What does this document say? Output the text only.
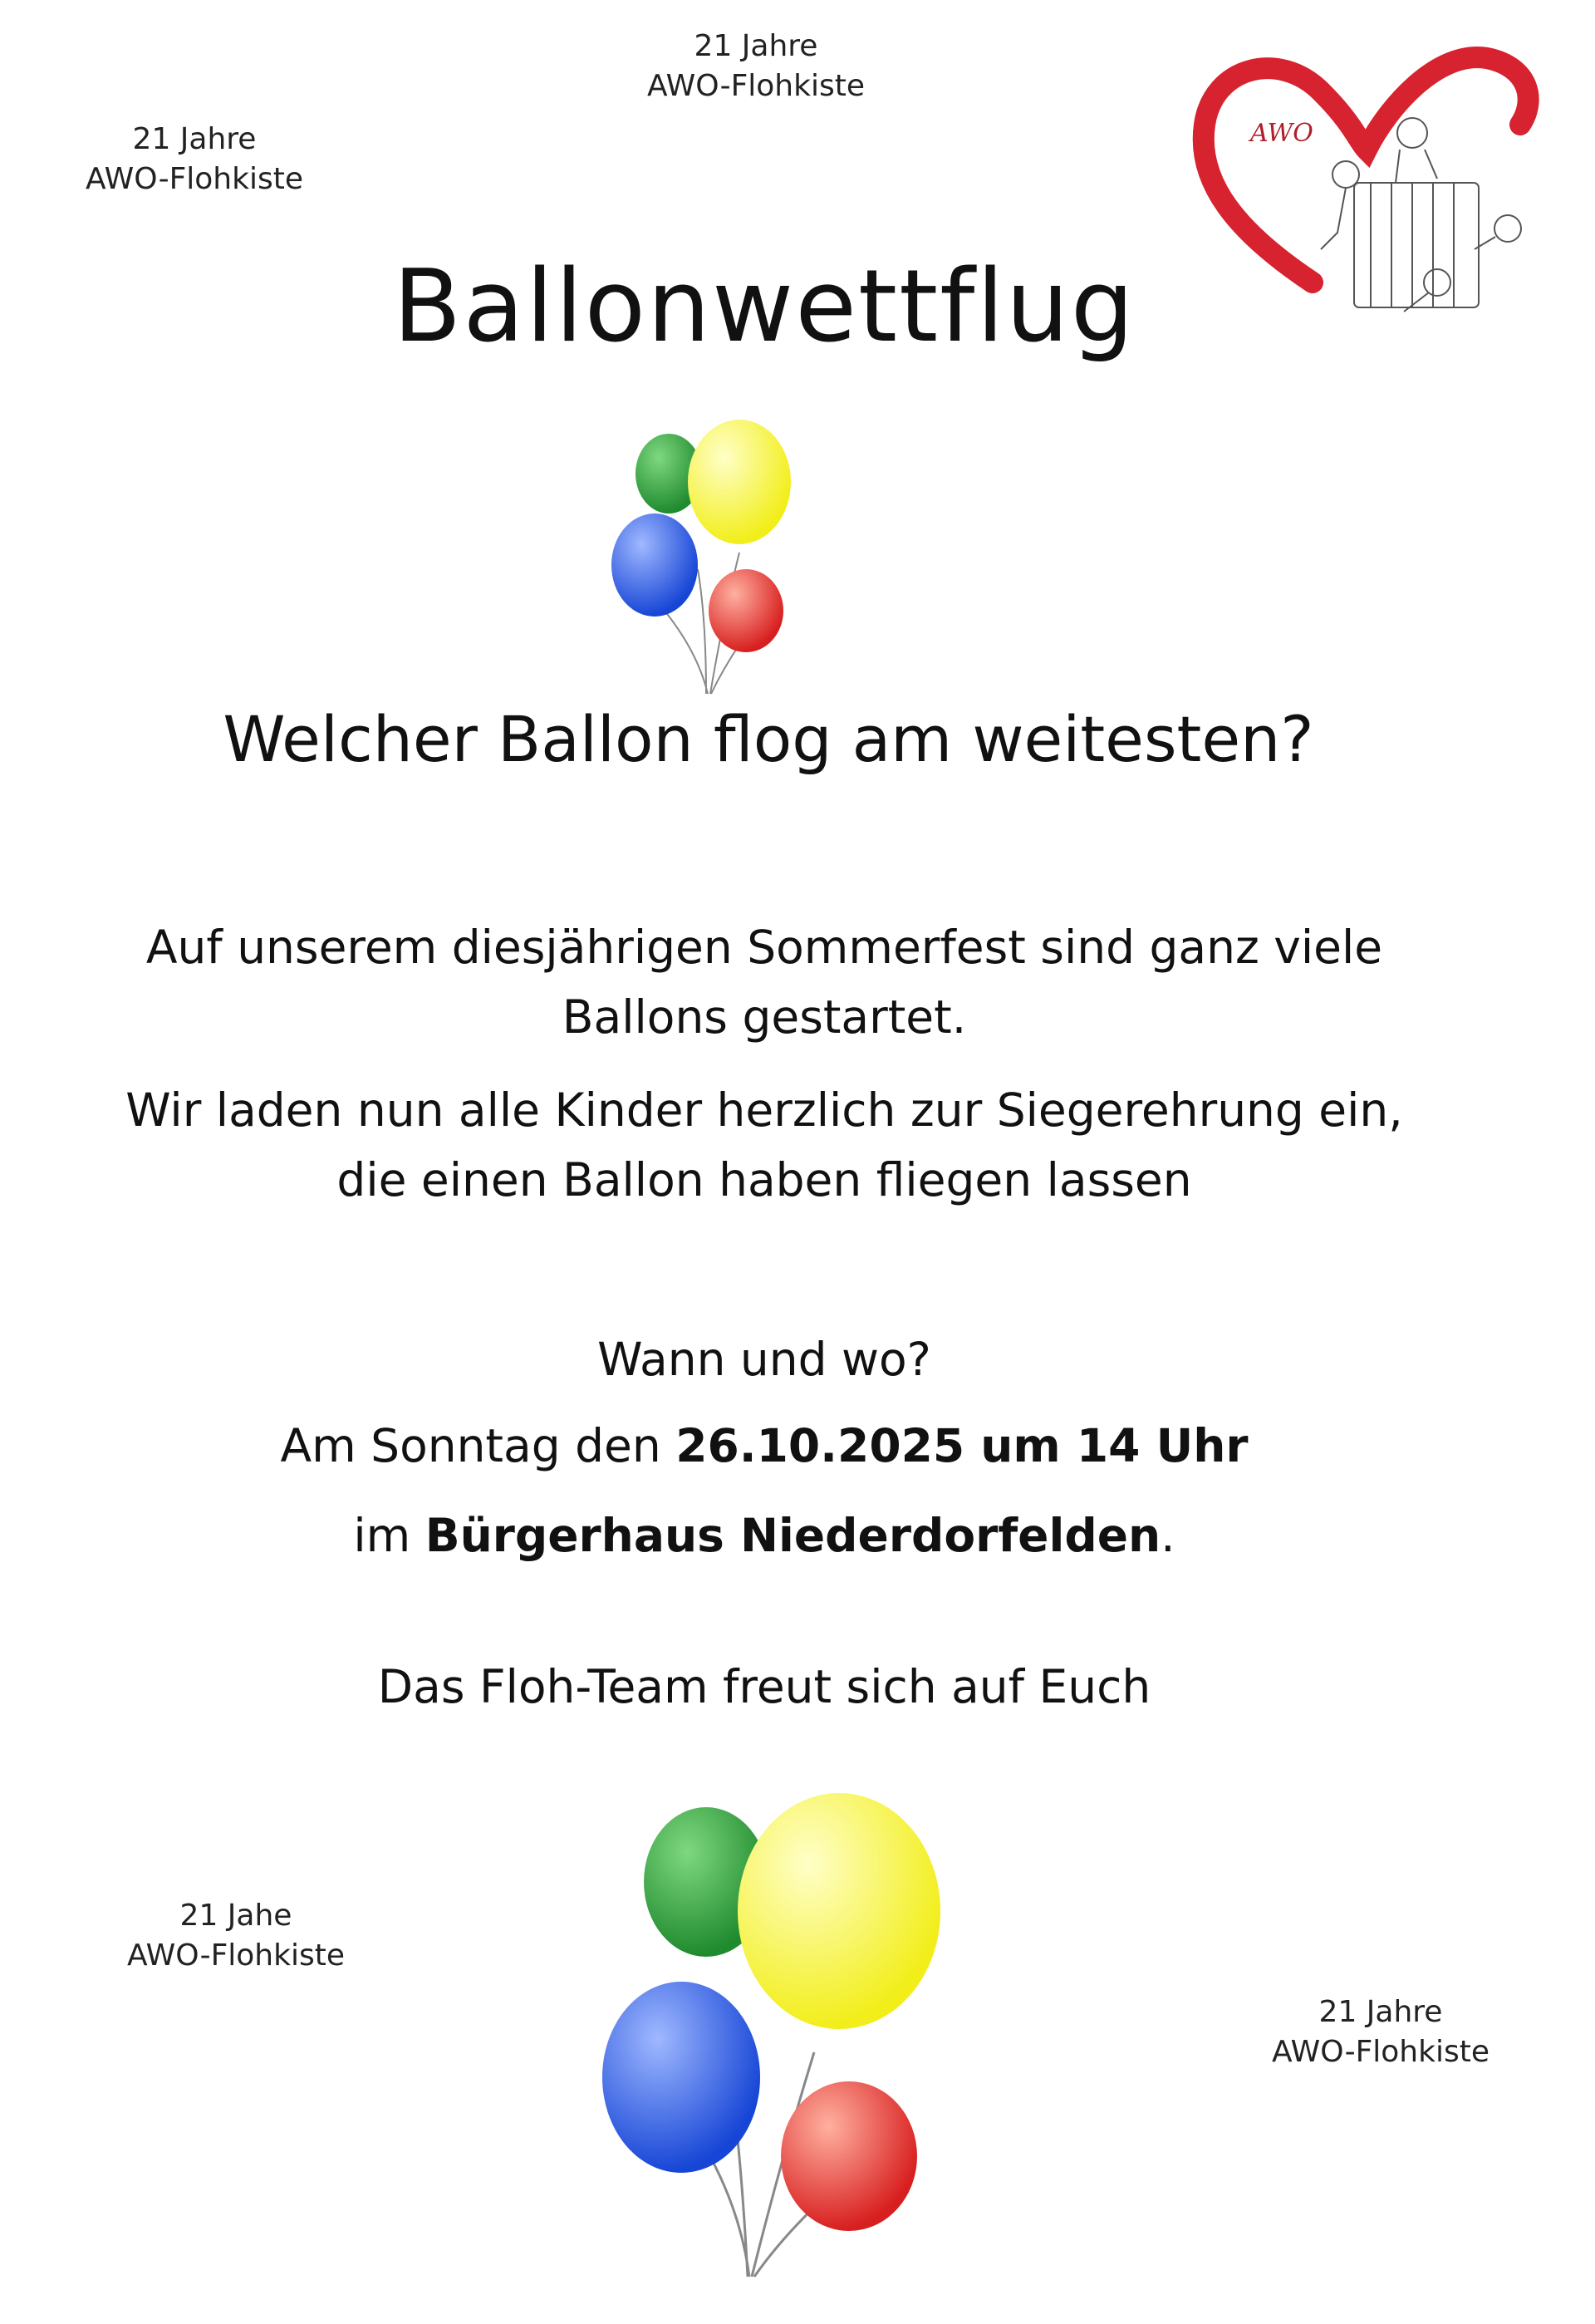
21 Jahre
AWO-Flohkiste
21 Jahre
AWO-Flohkiste
21 Jahe
AWO-Flohkiste
21 Jahre
AWO-Flohkiste
AWO
Ballonwettflug
Welcher Ballon flog am weitesten?
Auf unserem diesjährigen Sommerfest sind ganz viele
Ballons gestartet.
Wir laden nun alle Kinder herzlich zur Siegerehrung ein,
die einen Ballon haben fliegen lassen
Wann und wo?
Am Sonntag den 26.10.2025 um 14 Uhr
im Bürgerhaus Niederdorfelden.
Das Floh-Team freut sich auf Euch
